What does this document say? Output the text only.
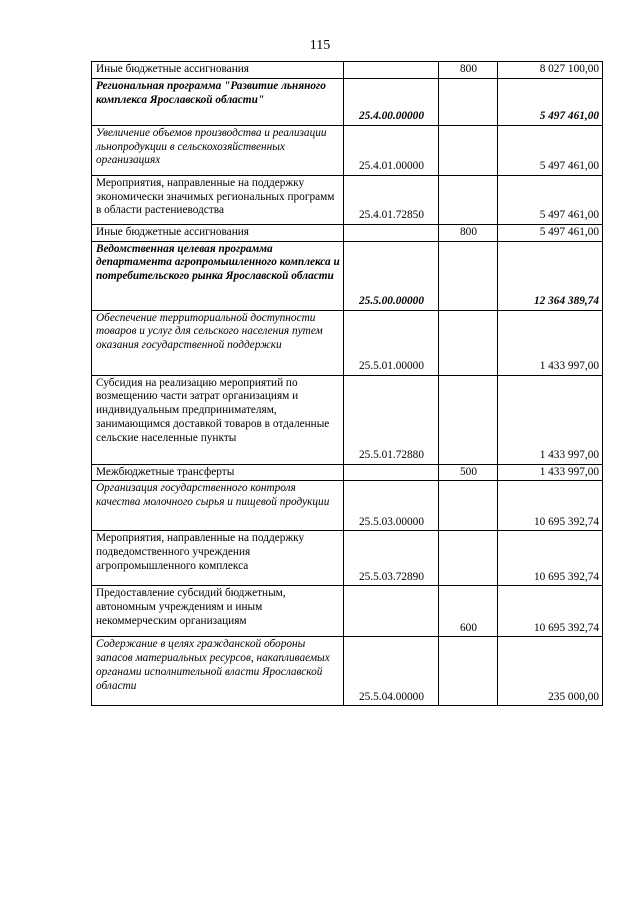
115
Иные бюджетные ассигнования		800	8 027 100,00
Региональная программа "Развитие льняного комплекса Ярославской области"	25.4.00.00000		5 497 461,00
Увеличение объемов производства и реализации льнопродукции в сельскохозяйственных организациях	25.4.01.00000		5 497 461,00
Мероприятия, направленные на поддержку экономически значимых региональных программ в области растениеводства	25.4.01.72850		5 497 461,00
Иные бюджетные ассигнования		800	5 497 461,00
Ведомственная целевая программа департамента агропромышленного комплекса и потребительского рынка Ярославской области	25.5.00.00000		12 364 389,74
Обеспечение территориальной доступности товаров и услуг для сельского населения путем оказания государственной поддержки	25.5.01.00000		1 433 997,00
Субсидия на реализацию мероприятий по возмещению части затрат организациям и индивидуальным предпринимателям, занимающимся доставкой товаров в отдаленные сельские населенные пункты	25.5.01.72880		1 433 997,00
Межбюджетные трансферты		500	1 433 997,00
Организация государственного контроля качества молочного сырья и пищевой продукции	25.5.03.00000		10 695 392,74
Мероприятия, направленные на поддержку подведомственного учреждения агропромышленного комплекса	25.5.03.72890		10 695 392,74
Предоставление субсидий бюджетным, автономным учреждениям и иным некоммерческим организациям		600	10 695 392,74
Содержание в целях гражданской обороны запасов материальных ресурсов, накапливаемых органами исполнительной власти Ярославской области	25.5.04.00000		235 000,00
